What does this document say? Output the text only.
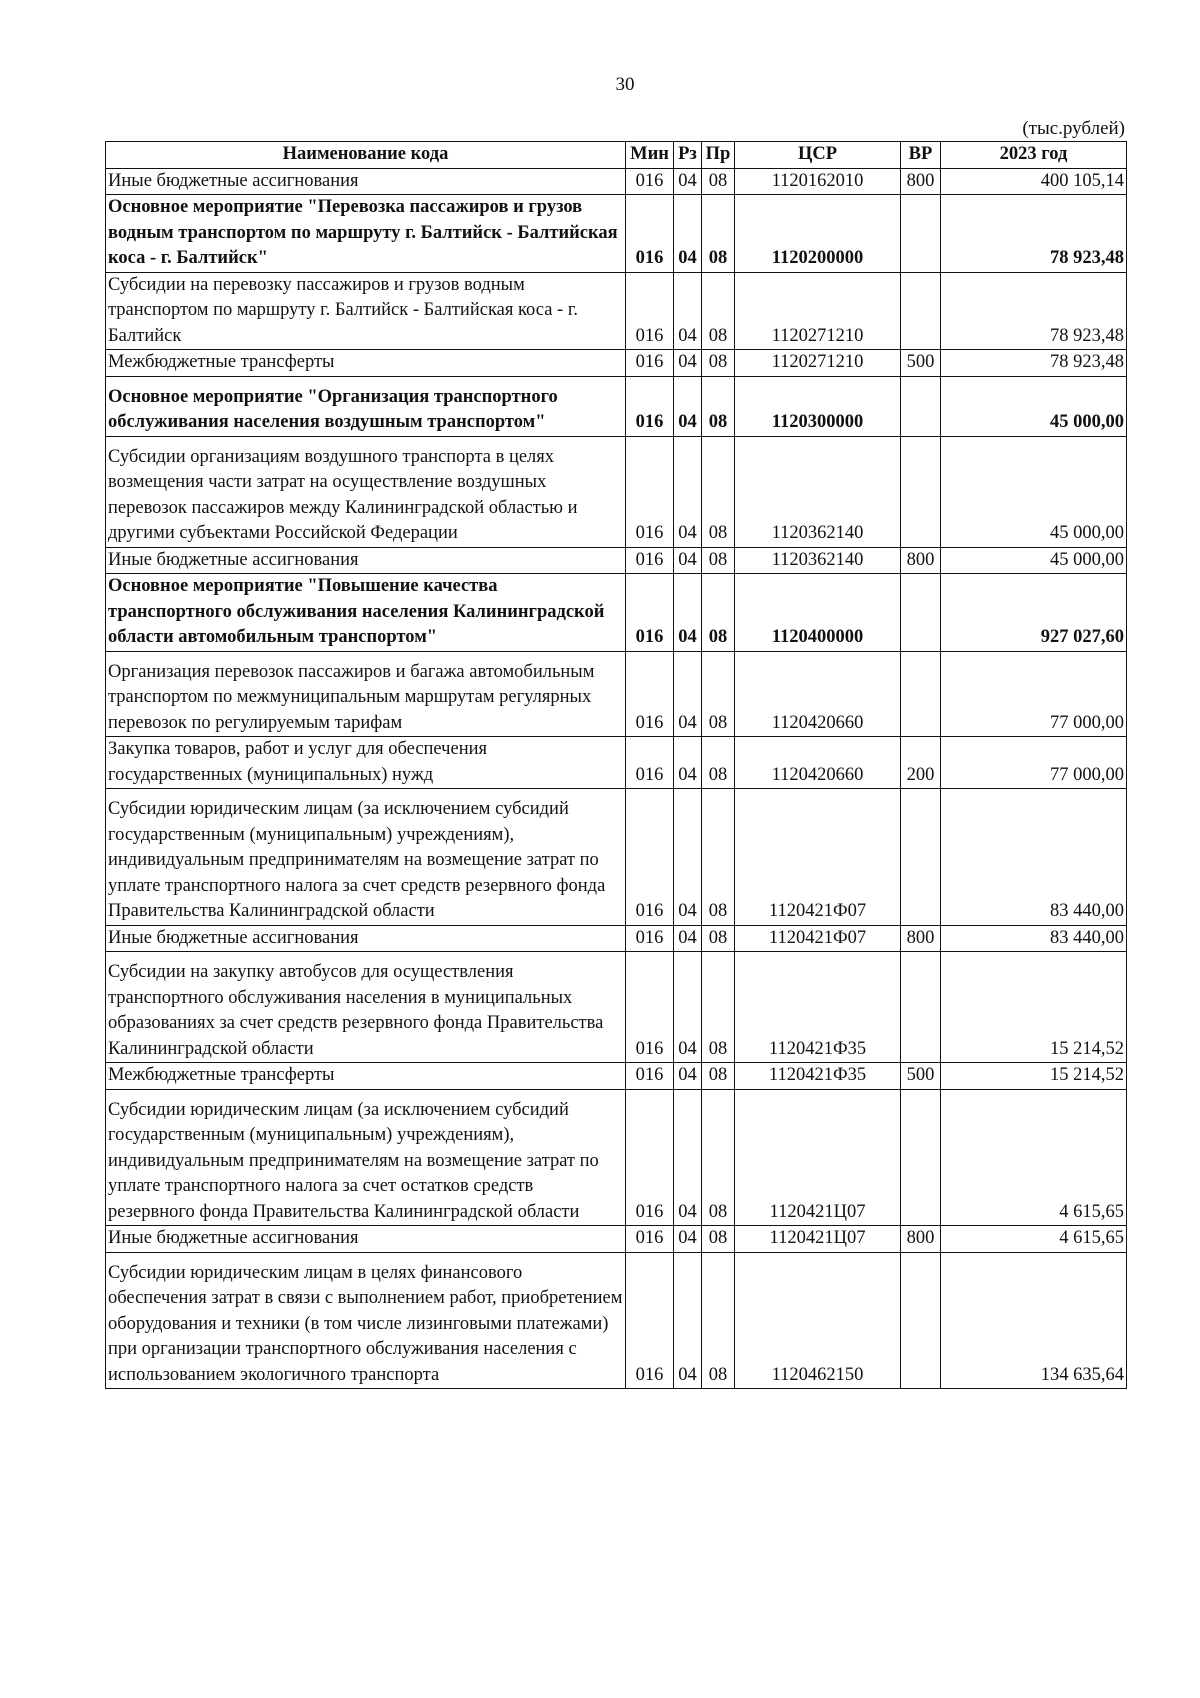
30
(тыс.рублей)
Наименование кода	Мин	Рз	Пр	ЦСР	ВР	2023 год
Иные бюджетные ассигнования	016	04	08	1120162010	800	400 105,14
Основное мероприятие "Перевозка пассажиров и грузов водным транспортом по маршруту г. Балтийск - Балтийская коса - г. Балтийск"	016	04	08	1120200000		78 923,48
Субсидии на перевозку пассажиров и грузов водным транспортом по маршруту г. Балтийск - Балтийская коса - г. Балтийск	016	04	08	1120271210		78 923,48
Межбюджетные трансферты	016	04	08	1120271210	500	78 923,48
Основное мероприятие "Организация транспортного обслуживания населения воздушным транспортом"	016	04	08	1120300000		45 000,00
Субсидии организациям воздушного транспорта в целях возмещения части затрат на осуществление воздушных перевозок пассажиров между Калининградской областью и другими субъектами Российской Федерации	016	04	08	1120362140		45 000,00
Иные бюджетные ассигнования	016	04	08	1120362140	800	45 000,00
Основное мероприятие "Повышение качества транспортного обслуживания населения Калининградской области автомобильным транспортом"	016	04	08	1120400000		927 027,60
Организация перевозок пассажиров и багажа автомобильным транспортом по межмуниципальным маршрутам регулярных перевозок по регулируемым тарифам	016	04	08	1120420660		77 000,00
Закупка товаров, работ и услуг для обеспечения государственных (муниципальных) нужд	016	04	08	1120420660	200	77 000,00
Субсидии юридическим лицам (за исключением субсидий государственным (муниципальным) учреждениям), индивидуальным предпринимателям на возмещение затрат по уплате транспортного налога за счет средств резервного фонда Правительства Калининградской области	016	04	08	1120421Ф07		83 440,00
Иные бюджетные ассигнования	016	04	08	1120421Ф07	800	83 440,00
Субсидии на закупку автобусов для осуществления транспортного обслуживания населения в муниципальных образованиях за счет средств резервного фонда Правительства Калининградской области	016	04	08	1120421Ф35		15 214,52
Межбюджетные трансферты	016	04	08	1120421Ф35	500	15 214,52
Субсидии юридическим лицам (за исключением субсидий государственным (муниципальным) учреждениям), индивидуальным предпринимателям на возмещение затрат по уплате транспортного налога за счет остатков средств резервного фонда Правительства Калининградской области	016	04	08	1120421Ц07		4 615,65
Иные бюджетные ассигнования	016	04	08	1120421Ц07	800	4 615,65
Субсидии юридическим лицам в целях финансового обеспечения затрат в связи с выполнением работ, приобретением оборудования и техники (в том числе лизинговыми платежами) при организации транспортного обслуживания населения с использованием экологичного транспорта	016	04	08	1120462150		134 635,64
